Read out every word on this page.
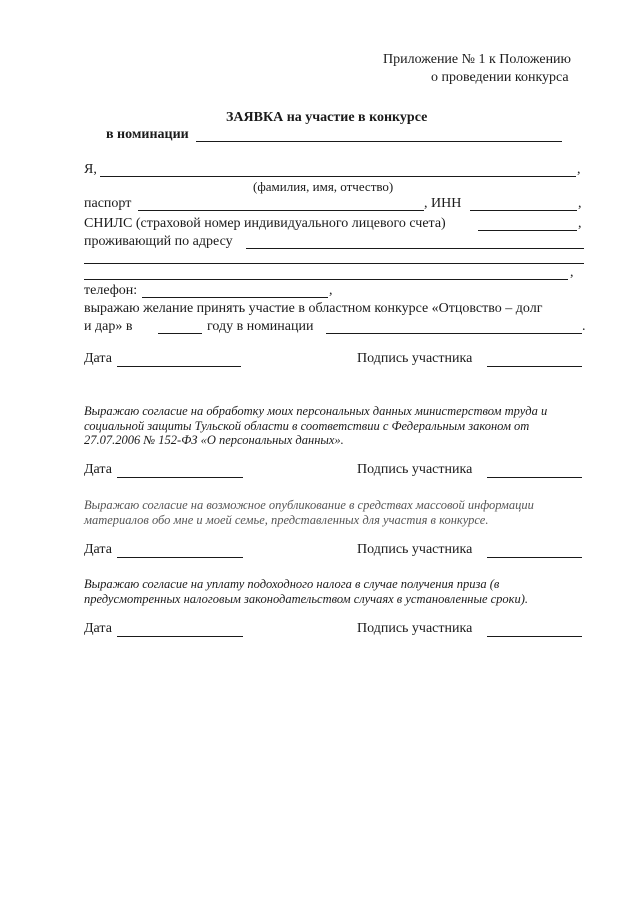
Приложение № 1 к Положению
о проведении конкурса
ЗАЯВКА на участие в конкурсе
в номинации
Я,	,
(фамилия, имя, отчество)
паспорт	, ИНН	,
СНИЛС (страховой номер индивидуального лицевого счета)	,
проживающий по адресу
,
телефон:	,
выражаю желание принять участие в областном конкурсе «Отцовство – долг
и дар» в	году в номинации	.
Дата	Подпись участника
Выражаю согласие на обработку моих персональных данных министерством труда и
социальной защиты Тульской области в соответствии с Федеральным законом от
27.07.2006 № 152-ФЗ «О персональных данных».
Дата	Подпись участника
Выражаю согласие на возможное опубликование в средствах массовой информации
материалов обо мне и моей семье, представленных для участия в конкурсе.
Дата	Подпись участника
Выражаю согласие на уплату подоходного налога в случае получения приза (в
предусмотренных налоговым законодательством случаях в установленные сроки).
Дата	Подпись участника
